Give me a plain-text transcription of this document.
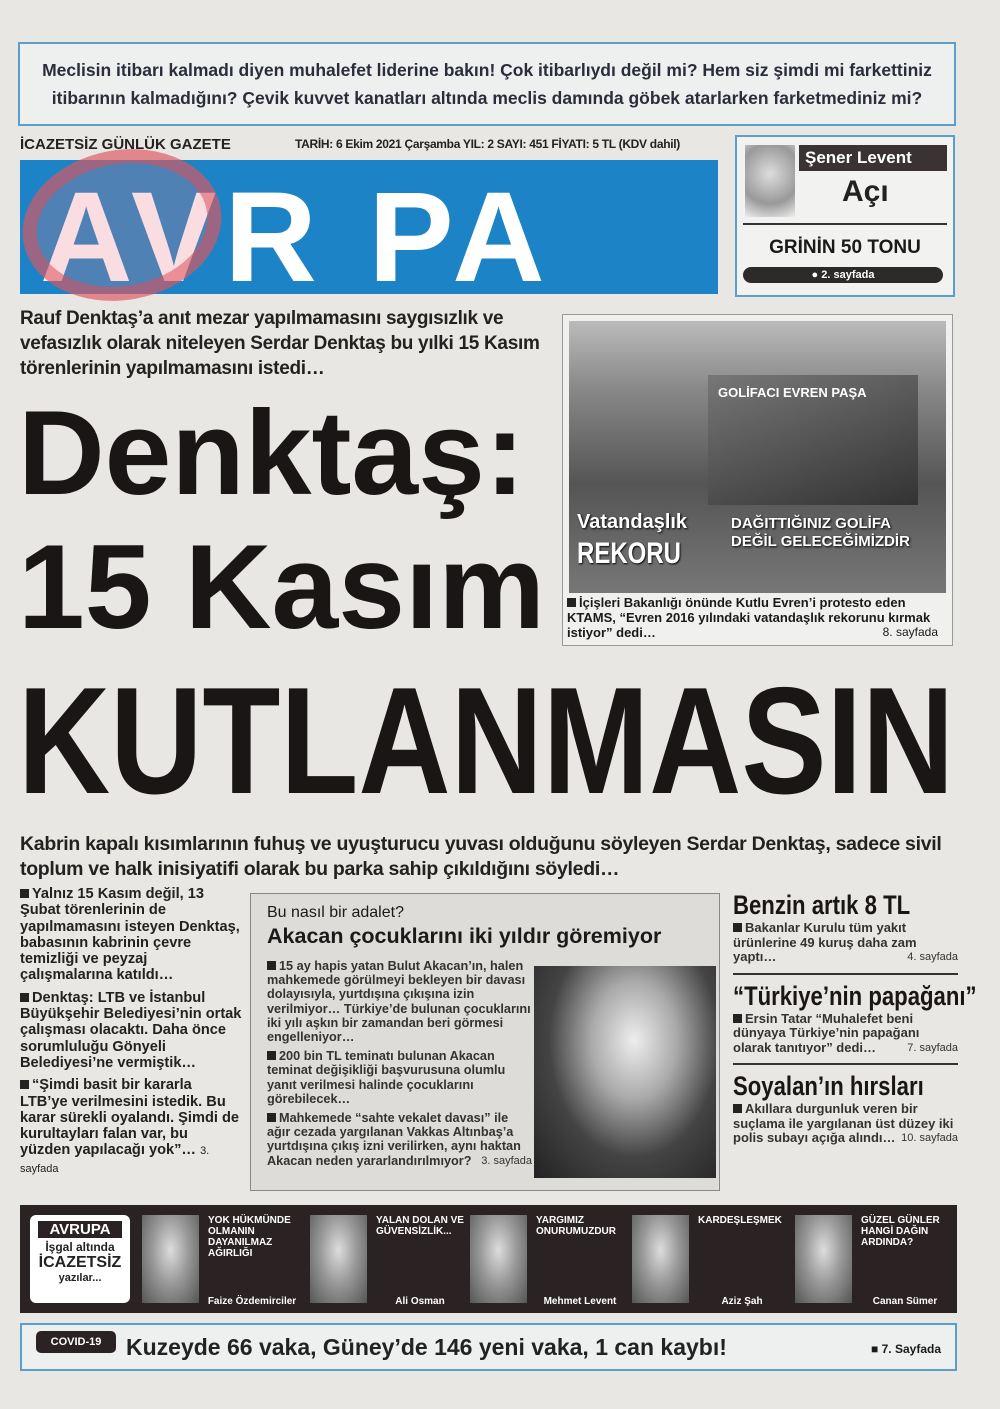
Meclisin itibarı kalmadı diyen muhalefet liderine bakın! Çok itibarlıydı değil mi? Hem siz şimdi mi farkettiniz
itibarının kalmadığını? Çevik kuvvet kanatları altında meclis damında göbek atarlarken farketmediniz mi?
İCAZETSİZ GÜNLÜK GAZETE	TARİH: 6 Ekim 2021 Çarşamba YIL: 2 SAYI: 451 FİYATI: 5 TL (KDV dahil)
AVR PA
Şener Levent
Açı
GRİNİN 50 TONU
● 2. sayfada
Rauf Denktaş’a anıt mezar yapılmamasını saygısızlık ve vefasızlık olarak niteleyen Serdar Denktaş bu yılki 15 Kasım törenlerinin yapılmamasını istedi…
GOLİFACI EVREN PAŞA
Vatandaşlık
REKORU
DAĞITTIĞINIZ GOLİFA DEĞİL GELECEĞİMİZDİR
İçişleri Bakanlığı önünde Kutlu Evren’i protesto eden KTAMS, “Evren 2016 yılındaki vatandaşlık rekorunu kırmak istiyor” dedi…	8. sayfada
Denktaş:
15 Kasım
KUTLANMASIN
Kabrin kapalı kısımlarının fuhuş ve uyuşturucu yuvası olduğunu söyleyen Serdar Denktaş, sadece sivil toplum ve halk inisiyatifi olarak bu parka sahip çıkıldığını söyledi…

Yalnız 15 Kasım değil, 13 Şubat törenlerinin de yapılmamasını isteyen Denktaş, babasının kabrinin çevre temizliği ve peyzaj çalışmalarına katıldı…

Denktaş: LTB ve İstanbul Büyükşehir Belediyesi’nin ortak çalışması olacaktı. Daha önce sorumluluğu Gönyeli Belediyesi’ne vermiştik…

“Şimdi basit bir kararla LTB’ye verilmesini istedik. Bu karar sürekli oyalandı. Şimdi de kurultayları falan var, bu yüzden yapılacağı yok”… 3. sayfada

Bu nasıl bir adalet?
Akacan çocuklarını iki yıldır göremiyor

15 ay hapis yatan Bulut Akacan’ın, halen mahkemede görülmeyi bekleyen bir davası dolayısıyla, yurtdışına çıkışına izin verilmiyor… Türkiye’de bulunan çocuklarını iki yılı aşkın bir zamandan beri görmesi engelleniyor…

200 bin TL teminatı bulunan Akacan teminat değişikliği başvurusuna olumlu yanıt verilmesi halinde çocuklarını görebilecek…

Mahkemede “sahte vekalet davası” ile ağır cezada yargılanan Vakkas Altınbaş’a yurtdışına çıkış izni verilirken, aynı haktan Akacan neden yararlandırılmıyor? 3. sayfada

Benzin artık 8 TL
Bakanlar Kurulu tüm yakıt ürünlerine 49 kuruş daha zam yaptı…	4. sayfada
“Türkiye’nin papağanı”
Ersin Tatar “Muhalefet beni dünyaya Türkiye’nin papağanı olarak tanıtıyor” dedi…	7. sayfada
Soyalan’ın hırsları
Akıllara durgunluk veren bir suçlama ile yargılanan üst düzey iki polis subayı açığa alındı… 10. sayfada
AVRUPA
İşgal altında
İCAZETSİZ
yazılar...
YOK HÜKMÜNDE OLMANIN DAYANILMAZ AĞIRLIĞI
Faize Özdemirciler
YALAN DOLAN VE GÜVENSİZLİK...
Ali Osman
YARGIMIZ ONURUMUZDUR
Mehmet Levent
KARDEŞLEŞMEK
Aziz Şah
GÜZEL GÜNLER HANGİ DAĞIN ARDINDA?
Canan Sümer
COVID-19	Kuzeyde 66 vaka, Güney’de 146 yeni vaka, 1 can kaybı!	■ 7. Sayfada
